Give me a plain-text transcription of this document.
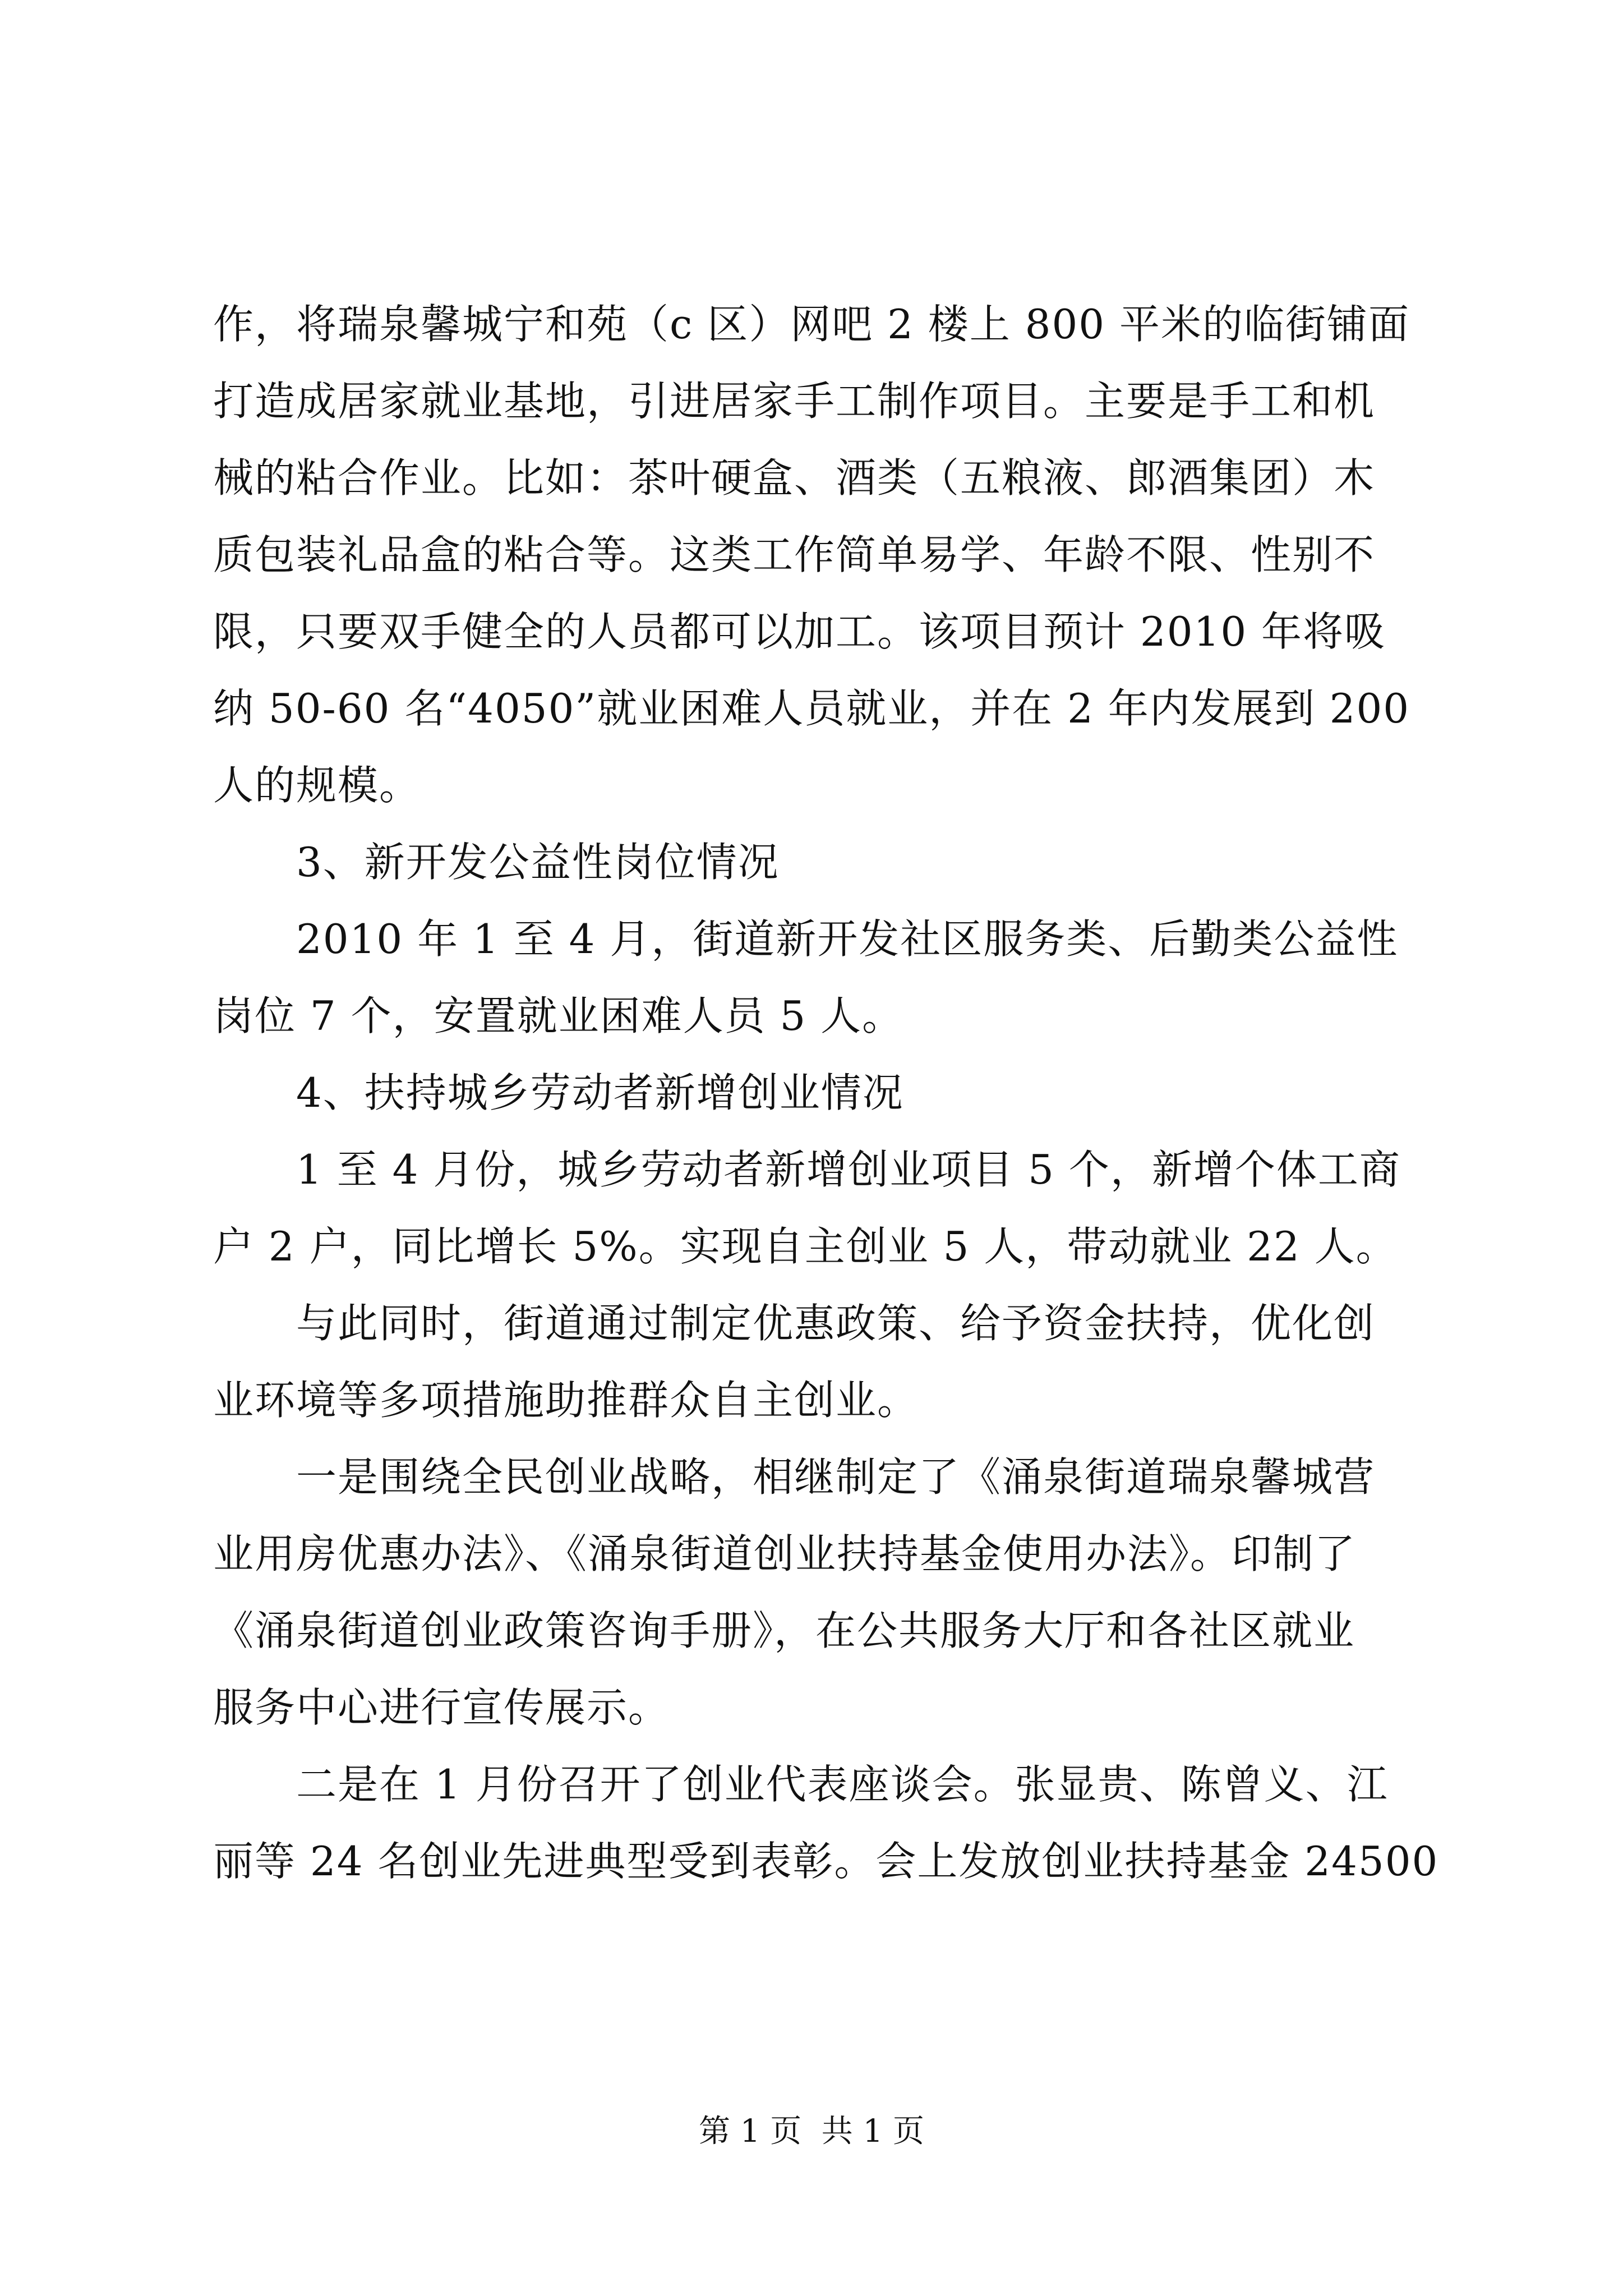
作，将瑞泉馨城宁和苑（c 区）网吧 2 楼上 800 平米的临街铺面
打造成居家就业基地，引进居家手工制作项目。主要是手工和机
械的粘合作业。比如：茶叶硬盒、酒类（五粮液、郎酒集团）木
质包装礼品盒的粘合等。这类工作简单易学、年龄不限、性别不
限，只要双手健全的人员都可以加工。该项目预计 2010 年将吸
纳 50-60 名“4050”就业困难人员就业，并在 2 年内发展到 200
人的规模。
3、新开发公益性岗位情况
2010 年 1 至 4 月，街道新开发社区服务类、后勤类公益性
岗位 7 个，安置就业困难人员 5 人。
4、扶持城乡劳动者新增创业情况
1 至 4 月份，城乡劳动者新增创业项目 5 个，新增个体工商
户 2 户，同比增长 5%。实现自主创业 5 人，带动就业 22 人。
与此同时，街道通过制定优惠政策、给予资金扶持，优化创
业环境等多项措施助推群众自主创业。
一是围绕全民创业战略，相继制定了《涌泉街道瑞泉馨城营
业用房优惠办法》、《涌泉街道创业扶持基金使用办法》。印制了
《涌泉街道创业政策咨询手册》，在公共服务大厅和各社区就业
服务中心进行宣传展示。
二是在 1 月份召开了创业代表座谈会。张显贵、陈曾义、江
丽等 24 名创业先进典型受到表彰。会上发放创业扶持基金 24500
第 1 页  共 1 页
